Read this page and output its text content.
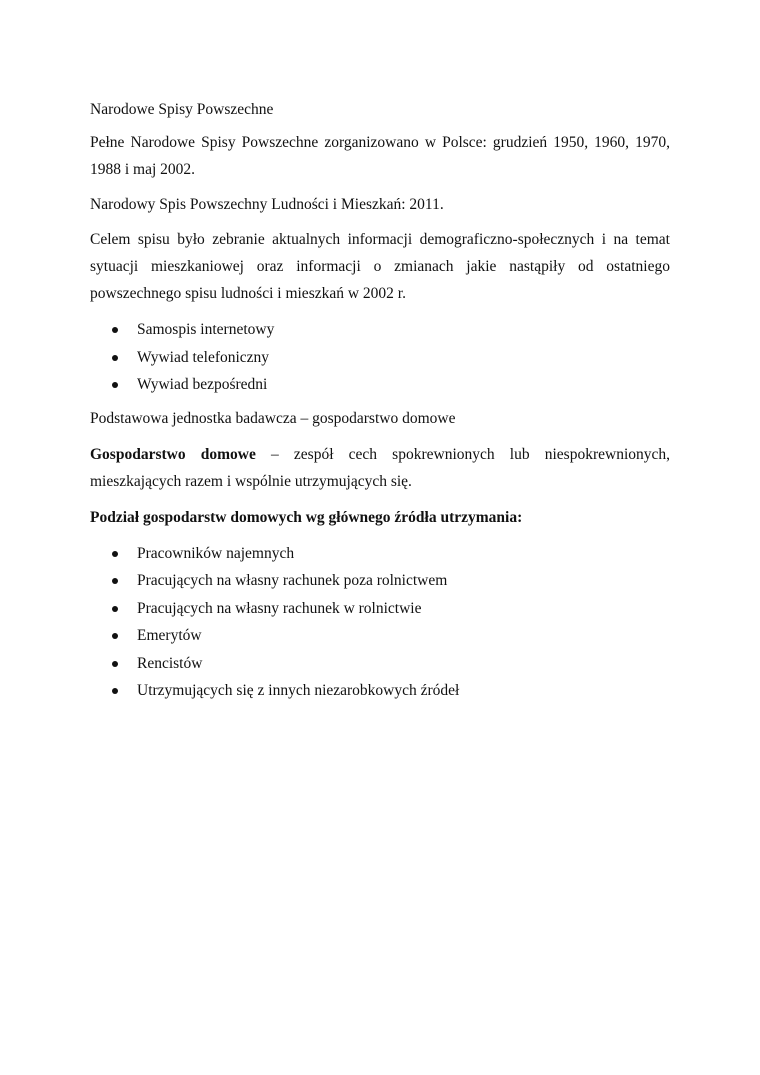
Narodowe Spisy Powszechne

Pełne Narodowe Spisy Powszechne zorganizowano w Polsce: grudzień 1950, 1960, 1970, 1988 i maj 2002.

Narodowy Spis Powszechny Ludności i Mieszkań: 2011.

Celem spisu było zebranie aktualnych informacji demograficzno-społecznych i na temat sytuacji mieszkaniowej oraz informacji o zmianach jakie nastąpiły od ostatniego powszechnego spisu ludności i mieszkań w 2002 r.

Samospis internetowy
Wywiad telefoniczny
Wywiad bezpośredni

Podstawowa jednostka badawcza – gospodarstwo domowe

Gospodarstwo domowe – zespół cech spokrewnionych lub niespokrewnionych, mieszkających razem i wspólnie utrzymujących się.

Podział gospodarstw domowych wg głównego źródła utrzymania:

Pracowników najemnych
Pracujących na własny rachunek poza rolnictwem
Pracujących na własny rachunek w rolnictwie
Emerytów
Rencistów
Utrzymujących się z innych niezarobkowych źródeł
